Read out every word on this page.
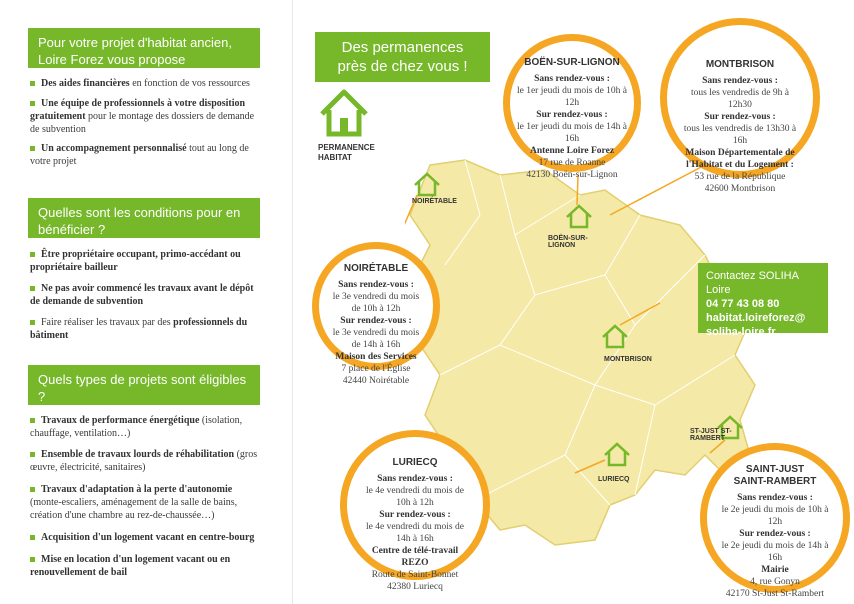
Pour votre projet d'habitat ancien, Loire Forez vous propose
Des aides financières en fonction de vos ressources
Une équipe de professionnels à votre disposition gratuitement pour le montage des dossiers de demande de subvention
Un accompagnement personnalisé tout au long de votre projet
Quelles sont les conditions pour en bénéficier ?
Être propriétaire occupant, primo-accédant ou propriétaire bailleur
Ne pas avoir commencé les travaux avant le dépôt de demande de subvention
Faire réaliser les travaux par des professionnels du bâtiment
Quels types de projets sont éligibles ?
Travaux de performance énergétique (isolation, chauffage, ventilation…)
Ensemble de travaux lourds de réhabilitation (gros œuvre, électricité, sanitaires)
Travaux d'adaptation à la perte d'autonomie (monte-escaliers, aménagement de la salle de bains, création d'une chambre au rez-de-chaussée…)
Acquisition d'un logement vacant en centre-bourg
Mise en location d'un logement vacant ou en renouvellement de bail
Des permanences près de chez vous !
PERMANENCE HABITAT
NOIRÉTABLE
BOËN-SUR-LIGNON
MONTBRISON
LURIECQ
ST-JUST ST-RAMBERT
BOËN-SUR-LIGNON
Sans rendez-vous :
le 1er jeudi du mois de 10h à 12h
Sur rendez-vous :
le 1er jeudi du mois de 14h à 16h
Antenne Loire Forez
17 rue de Roanne
42130 Boën-sur-Lignon
MONTBRISON
Sans rendez-vous :
tous les vendredis de 9h à 12h30
Sur rendez-vous :
tous les vendredis de 13h30 à 16h
Maison Départementale de l'Habitat et du Logement :
53 rue de la République
42600 Montbrison
NOIRÉTABLE
Sans rendez-vous :
le 3e vendredi du mois de 10h à 12h
Sur rendez-vous :
le 3e vendredi du mois de 14h à 16h
Maison des Services
7 place de l'Église
42440 Noirétable
LURIECQ
Sans rendez-vous :
le 4e vendredi du mois de 10h à 12h
Sur rendez-vous :
le 4e vendredi du mois de 14h à 16h
Centre de télé-travail REZO
Route de Saint-Bonnet
42380 Luriecq
SAINT-JUST SAINT-RAMBERT
Sans rendez-vous :
le 2e jeudi du mois de 10h à 12h
Sur rendez-vous :
le 2e jeudi du mois de 14h à 16h
Mairie
4, rue Gonyn
42170 St-Just St-Rambert
Contactez SOLIHA Loire
04 77 43 08 80
habitat.loireforez@
soliha-loire.fr
